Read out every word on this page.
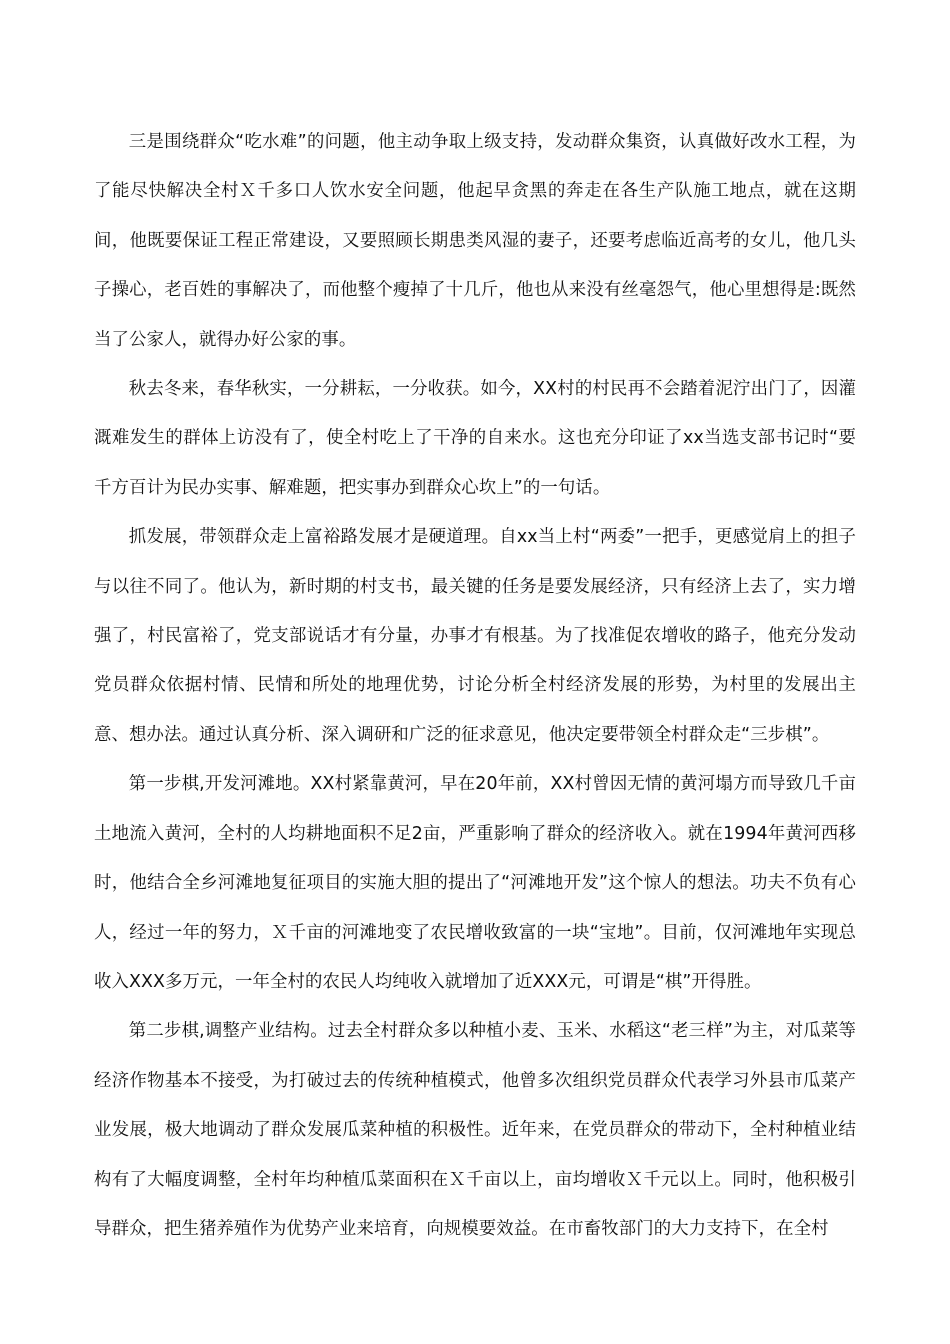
三是围绕群众“吃水难”的问题，他主动争取上级支持，发动群众集资，认真做好改水工程，为了能尽快解决全村Ｘ千多口人饮水安全问题，他起早贪黑的奔走在各生产队施工地点，就在这期间，他既要保证工程正常建设，又要照顾长期患类风湿的妻子，还要考虑临近高考的女儿，他几头子操心，老百姓的事解决了，而他整个瘦掉了十几斤，他也从来没有丝毫怨气，他心里想得是:既然当了公家人，就得办好公家的事。

秋去冬来，春华秋实，一分耕耘，一分收获。如今，XX村的村民再不会踏着泥泞出门了，因灌溉难发生的群体上访没有了，使全村吃上了干净的自来水。这也充分印证了xx当选支部书记时“要千方百计为民办实事、解难题，把实事办到群众心坎上”的一句话。

抓发展，带领群众走上富裕路发展才是硬道理。自xx当上村“两委”一把手，更感觉肩上的担子与以往不同了。他认为，新时期的村支书，最关键的任务是要发展经济，只有经济上去了，实力增强了，村民富裕了，党支部说话才有分量，办事才有根基。为了找准促农增收的路子，他充分发动党员群众依据村情、民情和所处的地理优势，讨论分析全村经济发展的形势，为村里的发展出主意、想办法。通过认真分析、深入调研和广泛的征求意见，他决定要带领全村群众走“三步棋”。

第一步棋,开发河滩地。XX村紧靠黄河，早在20年前，XX村曾因无情的黄河塌方而导致几千亩土地流入黄河，全村的人均耕地面积不足2亩，严重影响了群众的经济收入。就在1994年黄河西移时，他结合全乡河滩地复征项目的实施大胆的提出了“河滩地开发”这个惊人的想法。功夫不负有心人，经过一年的努力，Ｘ千亩的河滩地变了农民增收致富的一块“宝地”。目前，仅河滩地年实现总收入XXX多万元，一年全村的农民人均纯收入就增加了近XXX元，可谓是“棋”开得胜。

第二步棋,调整产业结构。过去全村群众多以种植小麦、玉米、水稻这“老三样”为主，对瓜菜等经济作物基本不接受，为打破过去的传统种植模式，他曾多次组织党员群众代表学习外县市瓜菜产业发展，极大地调动了群众发展瓜菜种植的积极性。近年来，在党员群众的带动下，全村种植业结构有了大幅度调整，全村年均种植瓜菜面积在Ｘ千亩以上，亩均增收Ｘ千元以上。同时，他积极引导群众，把生猪养殖作为优势产业来培育，向规模要效益。在市畜牧部门的大力支持下，在全村
